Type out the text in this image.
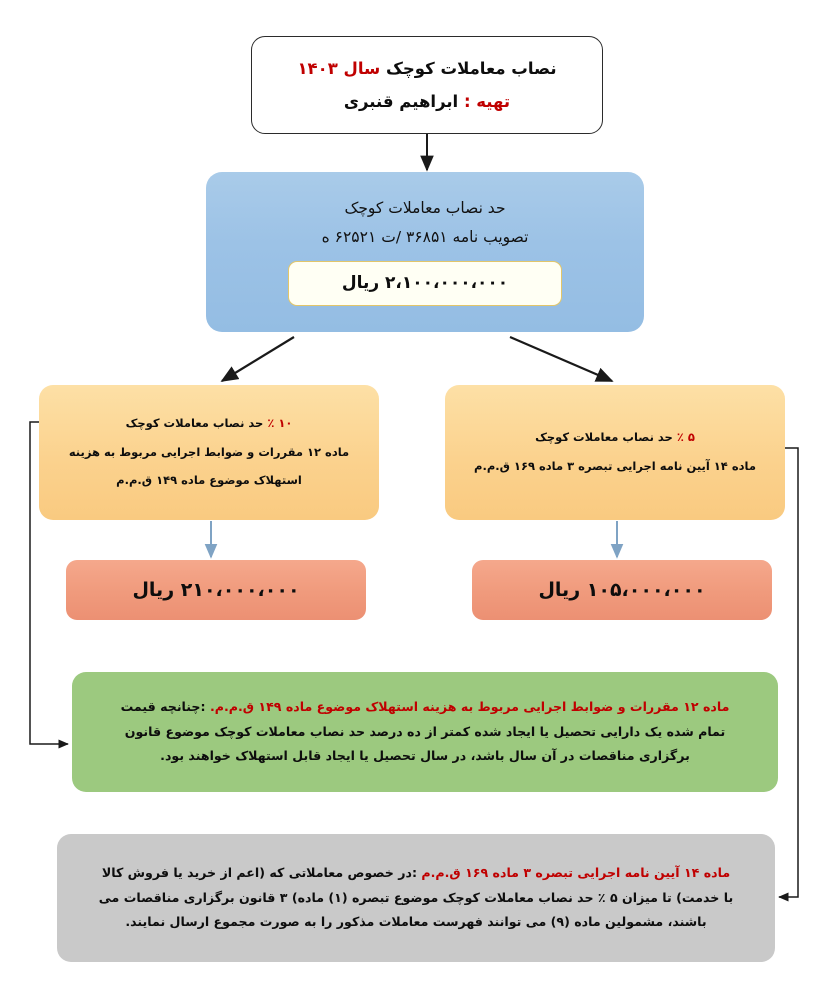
نصاب معاملات کوچک سال ۱۴۰۳
تهیه : ابراهیم قنبری
حد نصاب معاملات کوچک
تصویب نامه ۳۶۸۵۱ /ت ۶۲۵۲۱ ه
۲،۱۰۰،۰۰۰،۰۰۰ ریال
۱۰ ٪ حد نصاب معاملات کوچک
ماده ۱۲ مقررات و ضوابط اجرایی مربوط به هزینه
استهلاک موضوع ماده ۱۴۹ ق.م.م
۵ ٪ حد نصاب معاملات کوچک
ماده ۱۴ آیین نامه اجرایی تبصره ۳ ماده ۱۶۹ ق.م.م
۲۱۰،۰۰۰،۰۰۰ ریال	۱۰۵،۰۰۰،۰۰۰ ریال
ماده ۱۲ مقررات و ضوابط اجرایی مربوط به هزینه استهلاک موضوع ماده ۱۴۹ ق.م.م. :چنانچه قیمت
تمام شده یک دارایی تحصیل یا ایجاد شده کمتر از ده درصد حد نصاب معاملات کوچک موضوع قانون
برگزاری مناقصات در آن سال باشد، در سال تحصیل یا ایجاد قابل استهلاک خواهند بود.
ماده ۱۴ آیین نامه اجرایی تبصره ۳ ماده ۱۶۹ ق.م.م :در خصوص معاملاتی که (اعم از خرید یا فروش کالا
با خدمت) تا میزان ۵ ٪ حد نصاب معاملات کوچک موضوع تبصره (۱) ماده) ۳ قانون برگزاری مناقصات می
باشند، مشمولین ماده (۹) می توانند فهرست معاملات مذکور را به صورت مجموع ارسال نمایند.
